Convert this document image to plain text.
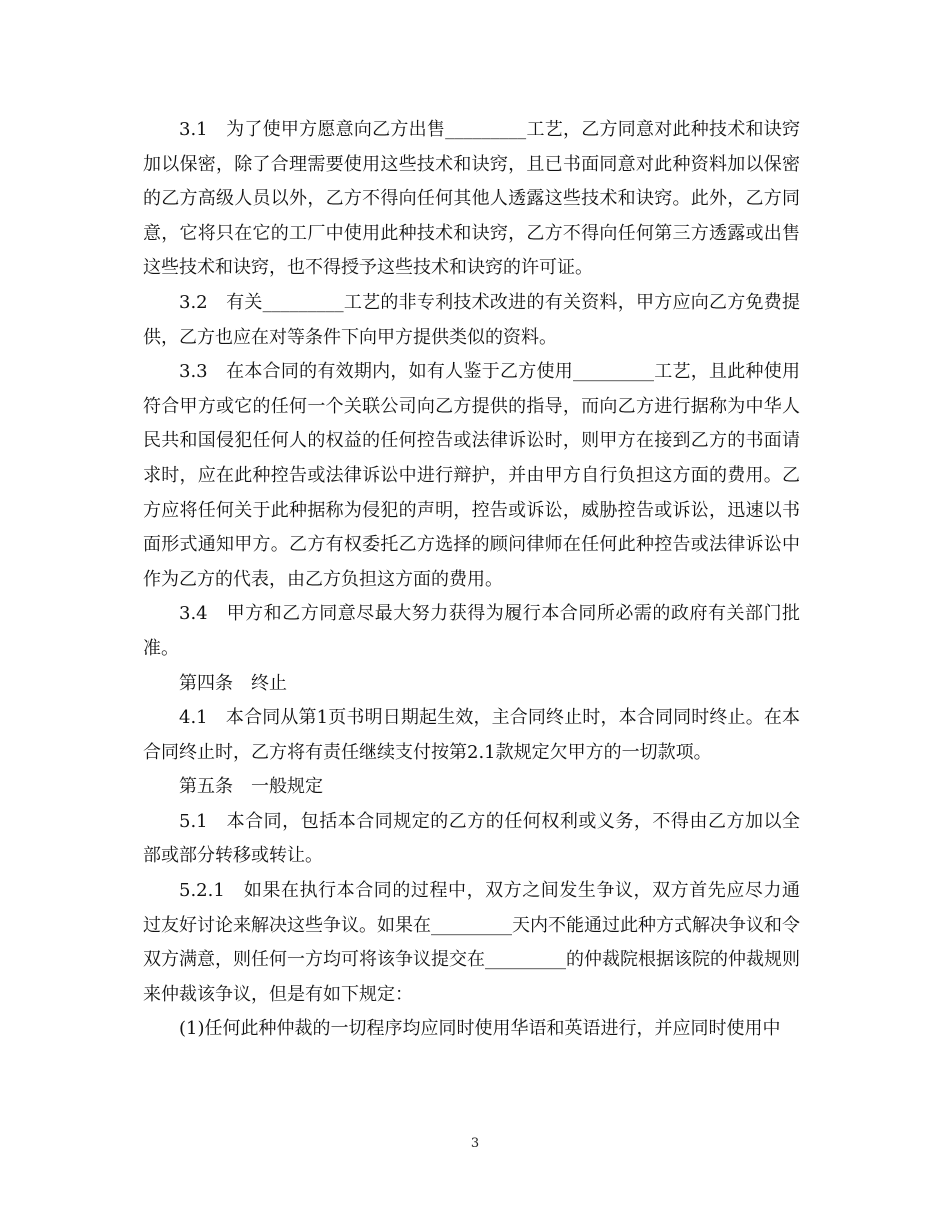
3.1　为了使甲方愿意向乙方出售_________工艺，乙方同意对此种技术和诀窍加以保密，除了合理需要使用这些技术和诀窍，且已书面同意对此种资料加以保密的乙方高级人员以外，乙方不得向任何其他人透露这些技术和诀窍。此外，乙方同意，它将只在它的工厂中使用此种技术和诀窍，乙方不得向任何第三方透露或出售这些技术和诀窍，也不得授予这些技术和诀窍的许可证。

3.2　有关_________工艺的非专利技术改进的有关资料，甲方应向乙方免费提供，乙方也应在对等条件下向甲方提供类似的资料。

3.3　在本合同的有效期内，如有人鉴于乙方使用_________工艺，且此种使用符合甲方或它的任何一个关联公司向乙方提供的指导，而向乙方进行据称为中华人民共和国侵犯任何人的权益的任何控告或法律诉讼时，则甲方在接到乙方的书面请求时，应在此种控告或法律诉讼中进行辩护，并由甲方自行负担这方面的费用。乙方应将任何关于此种据称为侵犯的声明，控告或诉讼，威胁控告或诉讼，迅速以书面形式通知甲方。乙方有权委托乙方选择的顾问律师在任何此种控告或法律诉讼中作为乙方的代表，由乙方负担这方面的费用。

3.4　甲方和乙方同意尽最大努力获得为履行本合同所必需的政府有关部门批准。

第四条　终止

4.1　本合同从第1页书明日期起生效，主合同终止时，本合同同时终止。在本合同终止时，乙方将有责任继续支付按第2.1款规定欠甲方的一切款项。

第五条　一般规定

5.1　本合同，包括本合同规定的乙方的任何权利或义务，不得由乙方加以全部或部分转移或转让。

5.2.1　如果在执行本合同的过程中，双方之间发生争议，双方首先应尽力通过友好讨论来解决这些争议。如果在_________天内不能通过此种方式解决争议和令双方满意，则任何一方均可将该争议提交在_________的仲裁院根据该院的仲裁规则来仲裁该争议，但是有如下规定：

(1)任何此种仲裁的一切程序均应同时使用华语和英语进行，并应同时使用中

3
